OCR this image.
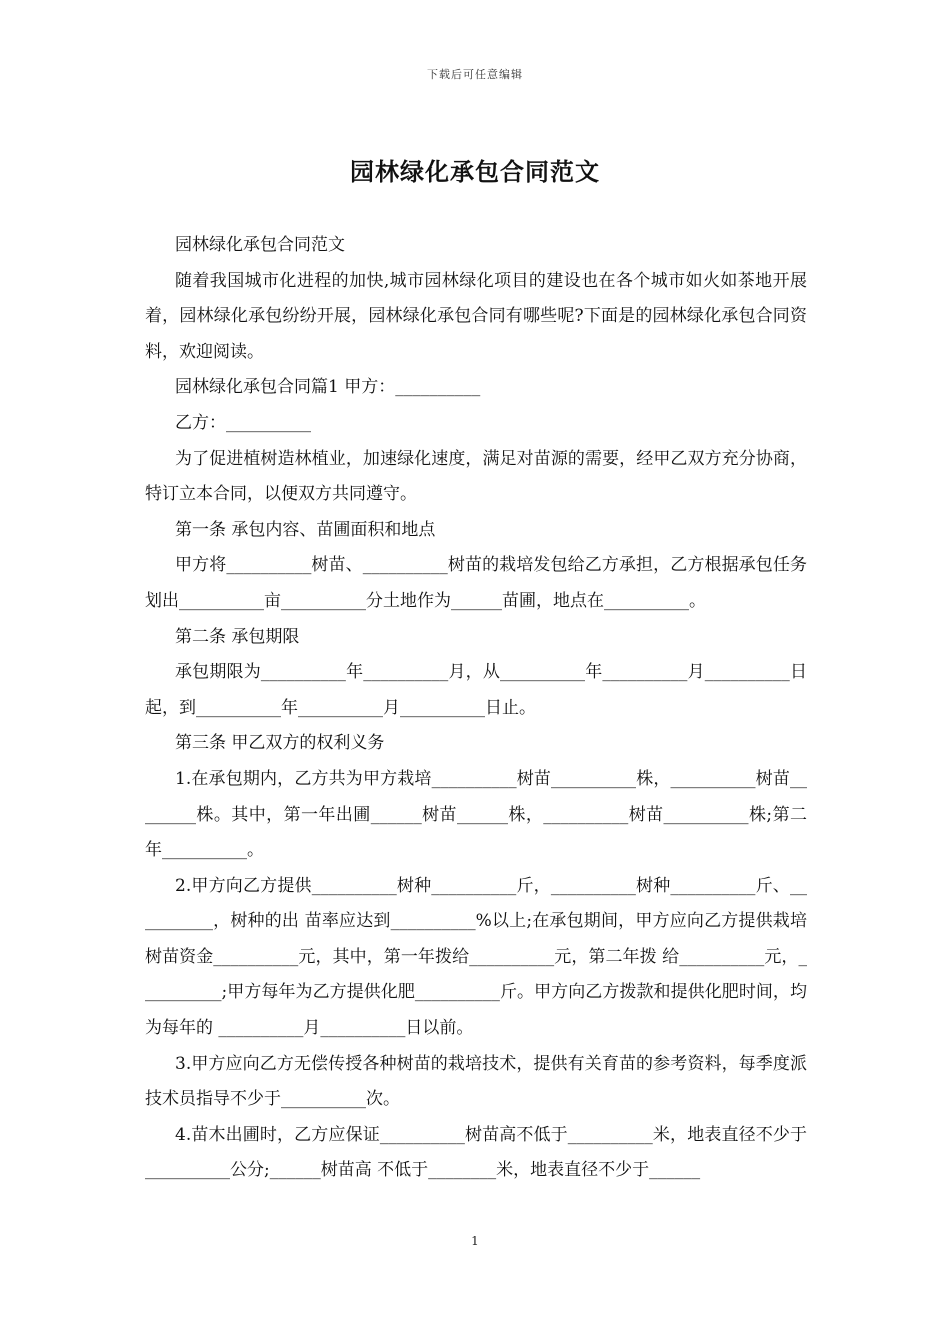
下载后可任意编辑
园林绿化承包合同范文

园林绿化承包合同范文

随着我国城市化进程的加快,城市园林绿化项目的建设也在各个城市如火如茶地开展着，园林绿化承包纷纷开展，园林绿化承包合同有哪些呢?下面是的园林绿化承包合同资料，欢迎阅读。

园林绿化承包合同篇1 甲方：__________

乙方：__________

为了促进植树造林植业，加速绿化速度，满足对苗源的需要，经甲乙双方充分协商，特订立本合同，以便双方共同遵守。

第一条 承包内容、苗圃面积和地点

甲方将__________树苗、__________树苗的栽培发包给乙方承担，乙方根据承包任务划出__________亩__________分土地作为______苗圃，地点在__________。

第二条 承包期限

承包期限为__________年__________月，从__________年__________月__________日起，到__________年__________月__________日止。

第三条 甲乙双方的权利义务

1.在承包期内，乙方共为甲方栽培__________树苗__________株，__________树苗________株。其中，第一年出圃______树苗______株，__________树苗__________株;第二年__________。

2.甲方向乙方提供__________树种__________斤，__________树种__________斤、__________，树种的出 苗率应达到__________%以上;在承包期间，甲方应向乙方提供栽培树苗资金__________元，其中，第一年拨给__________元，第二年拨 给__________元，__________;甲方每年为乙方提供化肥__________斤。甲方向乙方拨款和提供化肥时间，均为每年的 __________月__________日以前。

3.甲方应向乙方无偿传授各种树苗的栽培技术，提供有关育苗的参考资料，每季度派技术员指导不少于__________次。

4.苗木出圃时，乙方应保证__________树苗高不低于__________米，地表直径不少于__________公分;______树苗高 不低于________米，地表直径不少于______

1
